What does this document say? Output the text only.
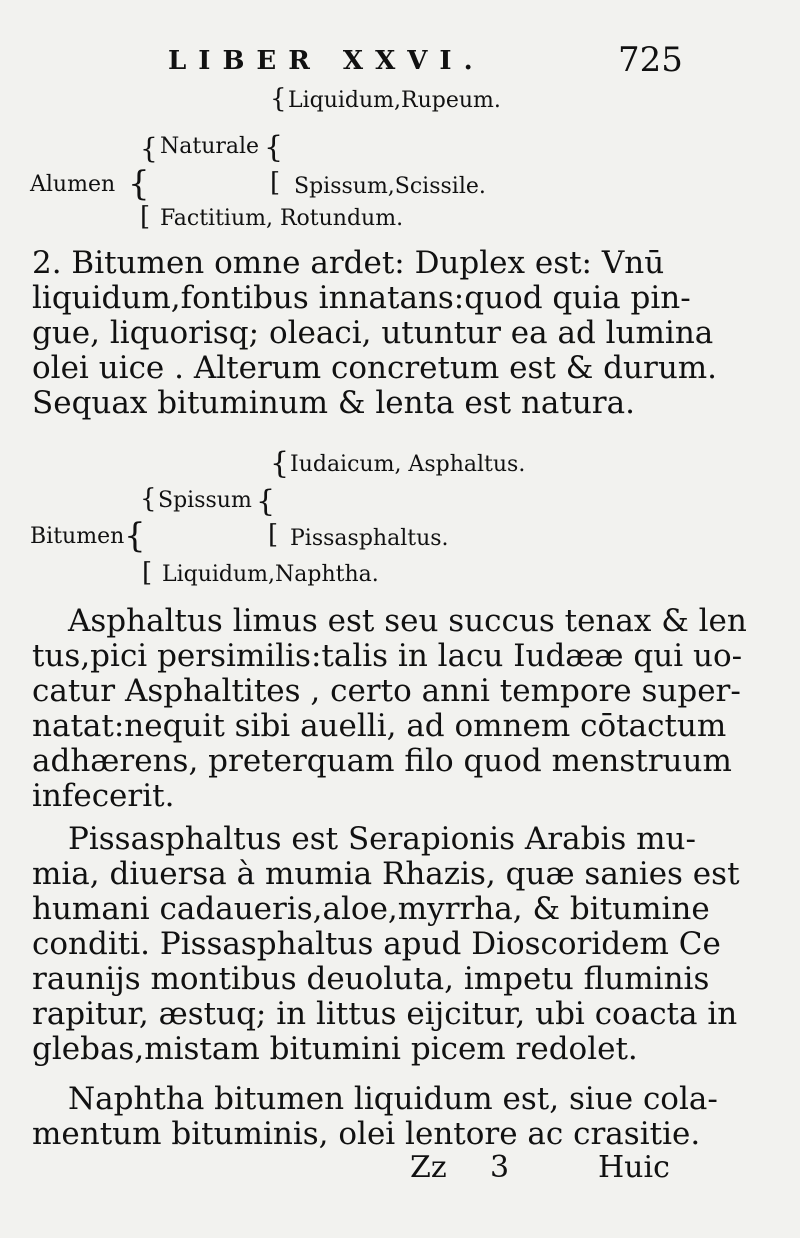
LIBER XXVI.	725
{ Liquidum,Rupeum.
{ Naturale {
Alumen {	[ Spissum,Scissile.
[ Factitium, Rotundum.

2. Bitumen omne ardet: Duplex est: Vnū

liquidum,fontibus innatans:quod quia pin-

gue, liquorisq; oleaci, utuntur ea ad lumina

olei uice . Alterum concretum est & durum.

Sequax bituminum & lenta est natura.

{ Iudaicum, Asphaltus.
{ Spissum {
Bitumen {	[ Pissasphaltus.
[ Liquidum,Naphtha.

Asphaltus limus est seu succus tenax & len

tus,pici persimilis:talis in lacu Iudææ qui uo-

catur Asphaltites , certo anni tempore super-

natat:nequit sibi auelli, ad omnem cōtactum

adhærens, preterquam filo quod menstruum

infecerit.

Pissasphaltus est Serapionis Arabis mu-

mia, diuersa à mumia Rhazis, quæ sanies est

humani cadaueris,aloe,myrrha, & bitumine

conditi. Pissasphaltus apud Dioscoridem Ce

raunijs montibus deuoluta, impetu fluminis

rapitur, æstuq; in littus eijcitur, ubi coacta in

glebas,mistam bitumini picem redolet.

Naphtha bitumen liquidum est, siue cola-

mentum bituminis, olei lentore ac crasitie.

Zz 3	Huic
